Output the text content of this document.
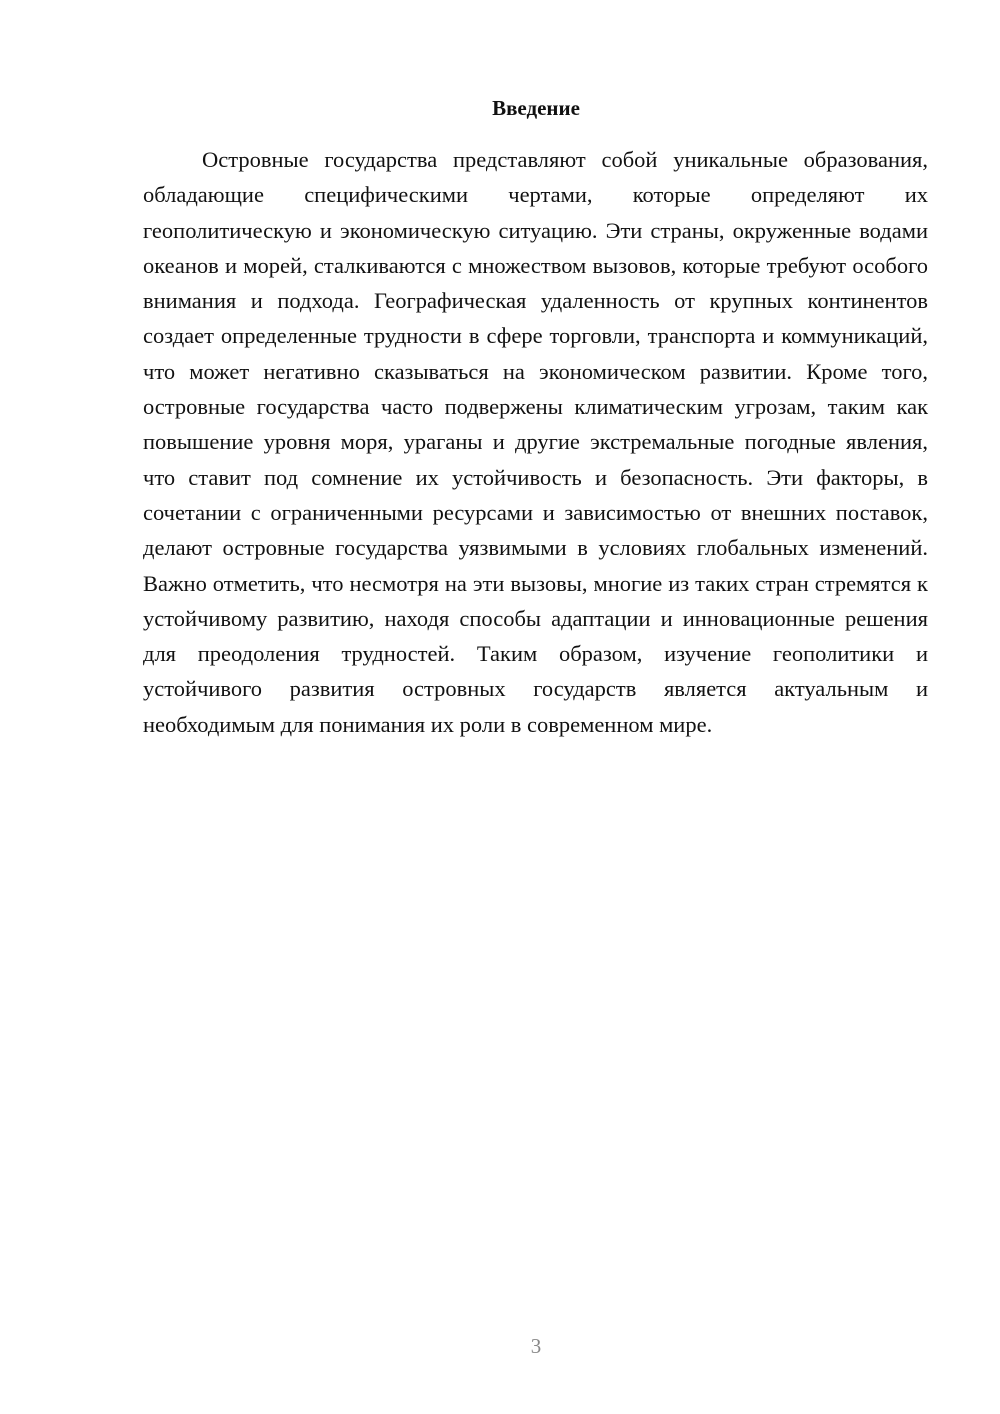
Введение

Островные государства представляют собой уникальные образования, обладающие специфическими чертами, которые определяют их геополитическую и экономическую ситуацию. Эти страны, окруженные водами океанов и морей, сталкиваются с множеством вызовов, которые требуют особого внимания и подхода. Географическая удаленность от крупных континентов создает определенные трудности в сфере торговли, транспорта и коммуникаций, что может негативно сказываться на экономическом развитии. Кроме того, островные государства часто подвержены климатическим угрозам, таким как повышение уровня моря, ураганы и другие экстремальные погодные явления, что ставит под сомнение их устойчивость и безопасность. Эти факторы, в сочетании с ограниченными ресурсами и зависимостью от внешних поставок, делают островные государства уязвимыми в условиях глобальных изменений. Важно отметить, что несмотря на эти вызовы, многие из таких стран стремятся к устойчивому развитию, находя способы адаптации и инновационные решения для преодоления трудностей. Таким образом, изучение геополитики и устойчивого развития островных государств является актуальным и необходимым для понимания их роли в современном мире.

3
